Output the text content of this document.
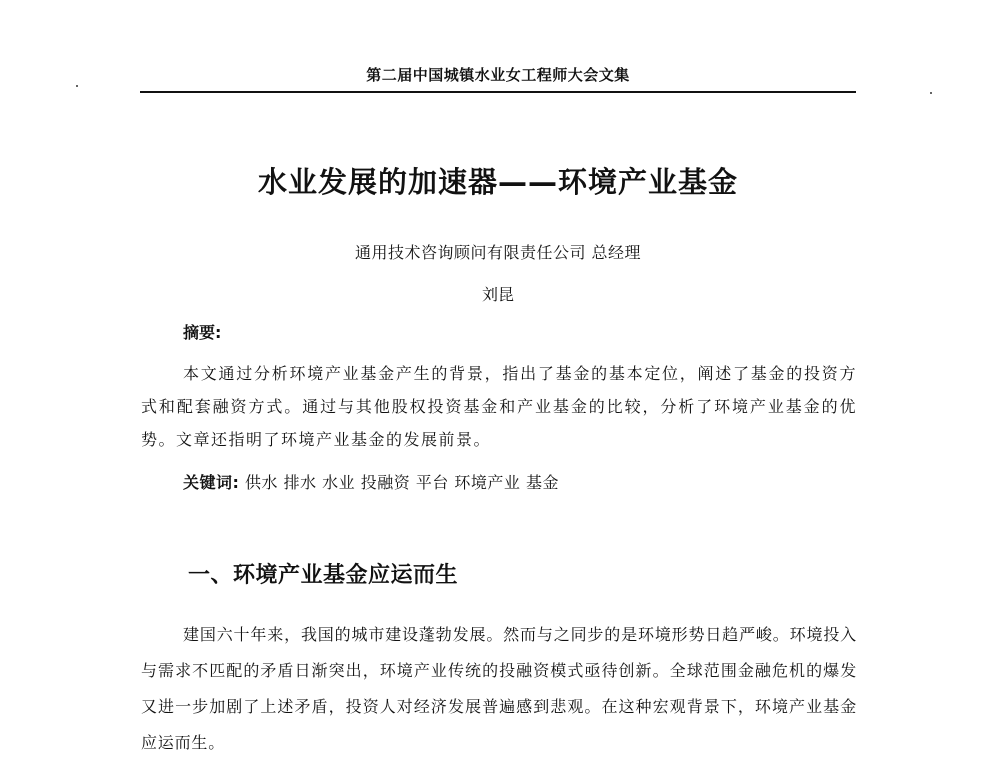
第二届中国城镇水业女工程师大会文集
水业发展的加速器——环境产业基金
通用技术咨询顾问有限责任公司 总经理
刘昆
摘要:

本文通过分析环境产业基金产生的背景，指出了基金的基本定位，阐述了基金的投资方式和配套融资方式。通过与其他股权投资基金和产业基金的比较，分析了环境产业基金的优势。文章还指明了环境产业基金的发展前景。

关键词: 供水 排水 水业 投融资 平台 环境产业 基金
一、环境产业基金应运而生

建国六十年来，我国的城市建设蓬勃发展。然而与之同步的是环境形势日趋严峻。环境投入与需求不匹配的矛盾日渐突出，环境产业传统的投融资模式亟待创新。全球范围金融危机的爆发又进一步加剧了上述矛盾，投资人对经济发展普遍感到悲观。在这种宏观背景下，环境产业基金应运而生。
